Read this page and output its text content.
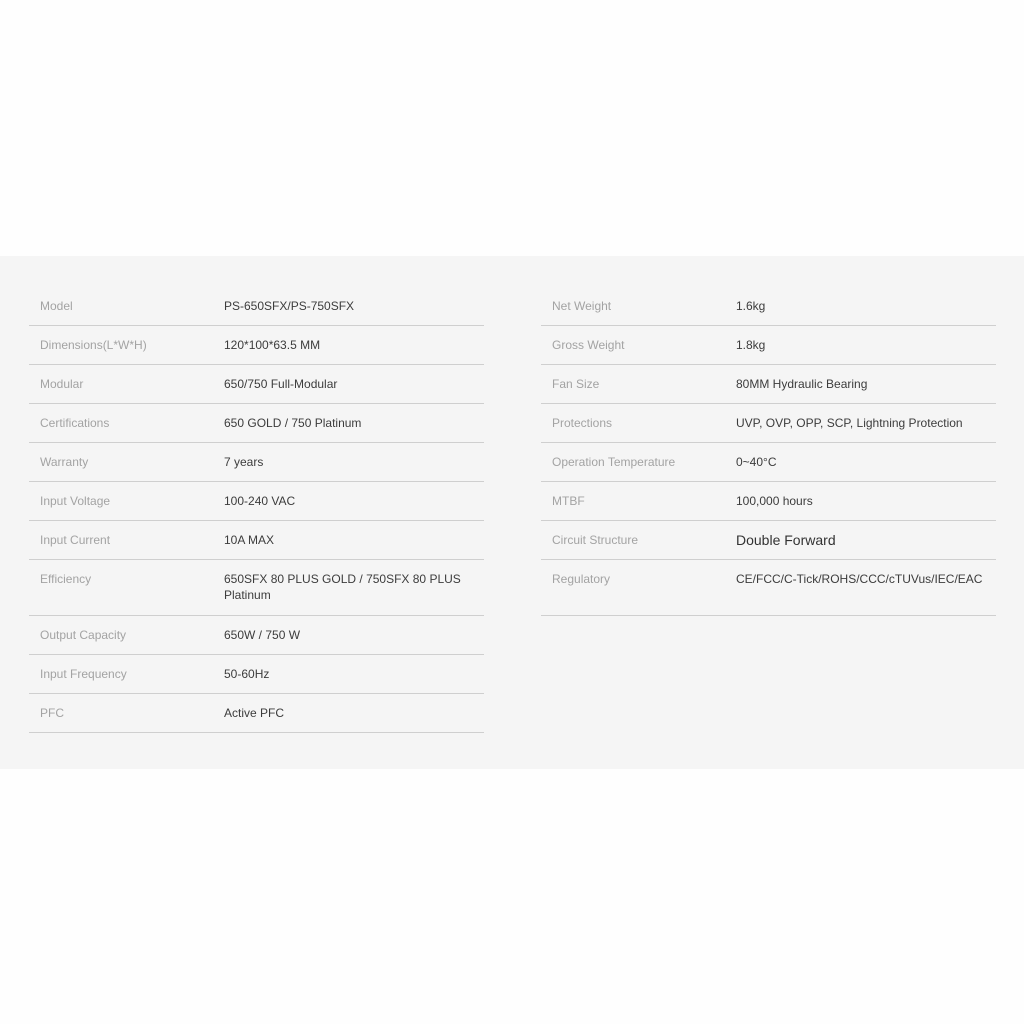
Model	PS-650SFX/PS-750SFX
Dimensions(L*W*H)	120*100*63.5 MM
Modular	650/750 Full-Modular
Certifications	650 GOLD / 750 Platinum
Warranty	7 years
Input Voltage	100-240 VAC
Input Current	10A MAX
Efficiency	650SFX 80 PLUS GOLD / 750SFX 80 PLUS Platinum
Output Capacity	650W / 750 W
Input Frequency	50-60Hz
PFC	Active PFC
Net Weight	1.6kg
Gross Weight	1.8kg
Fan Size	80MM Hydraulic Bearing
Protections	UVP, OVP, OPP, SCP, Lightning Protection
Operation Temperature	0~40°C
MTBF	100,000 hours
Circuit Structure	Double Forward
Regulatory	CE/FCC/C-Tick/ROHS/CCC/cTUVus/IEC/EAC
